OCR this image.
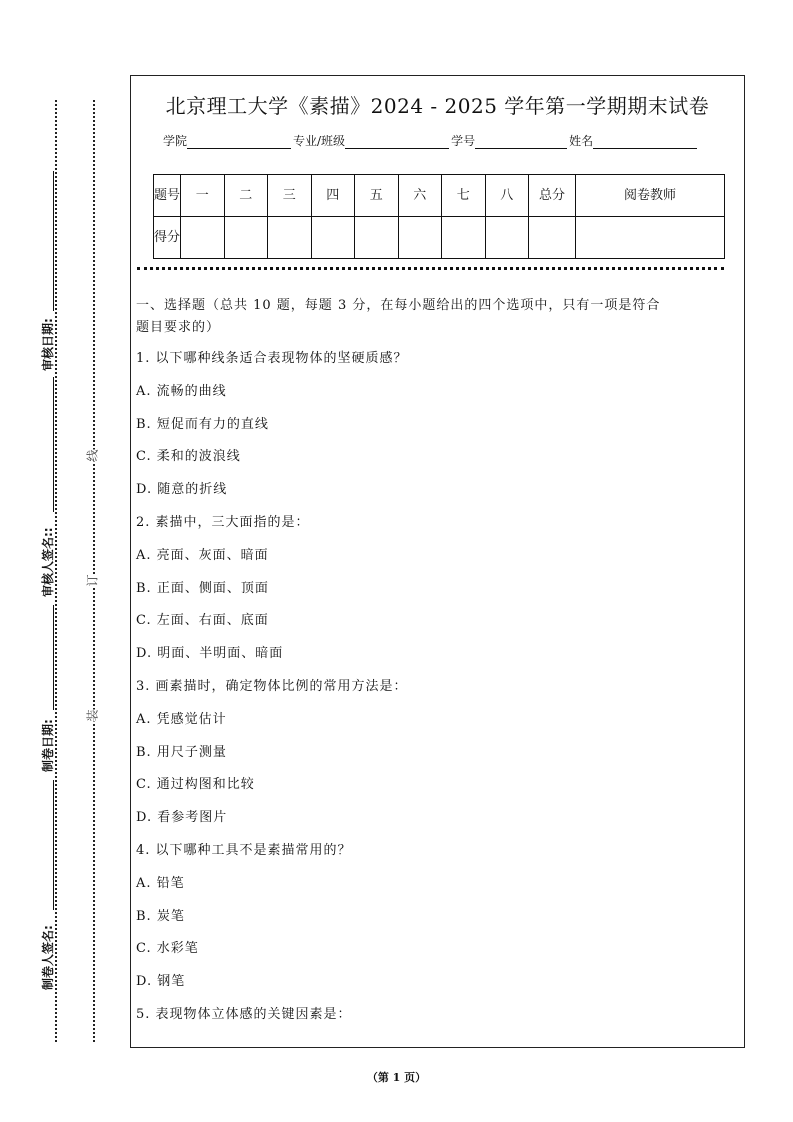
制卷人签名:
制卷日期:
审核人签名::
审核日期:
线
订
装
北京理工大学《素描》2024 - 2025 学年第一学期期末试卷
学院	专业/班级	学号	姓名
题号	一	二	三	四	五	六	七	八	总分	阅卷教师
得分										
一、选择题（总共 10 题，每题 3 分，在每小题给出的四个选项中，只有一项是符合
题目要求的）
1. 以下哪种线条适合表现物体的坚硬质感？
A. 流畅的曲线
B. 短促而有力的直线
C. 柔和的波浪线
D. 随意的折线
2. 素描中，三大面指的是：
A. 亮面、灰面、暗面
B. 正面、侧面、顶面
C. 左面、右面、底面
D. 明面、半明面、暗面
3. 画素描时，确定物体比例的常用方法是：
A. 凭感觉估计
B. 用尺子测量
C. 通过构图和比较
D. 看参考图片
4. 以下哪种工具不是素描常用的？
A. 铅笔
B. 炭笔
C. 水彩笔
D. 钢笔
5. 表现物体立体感的关键因素是：
（第 1 页）
